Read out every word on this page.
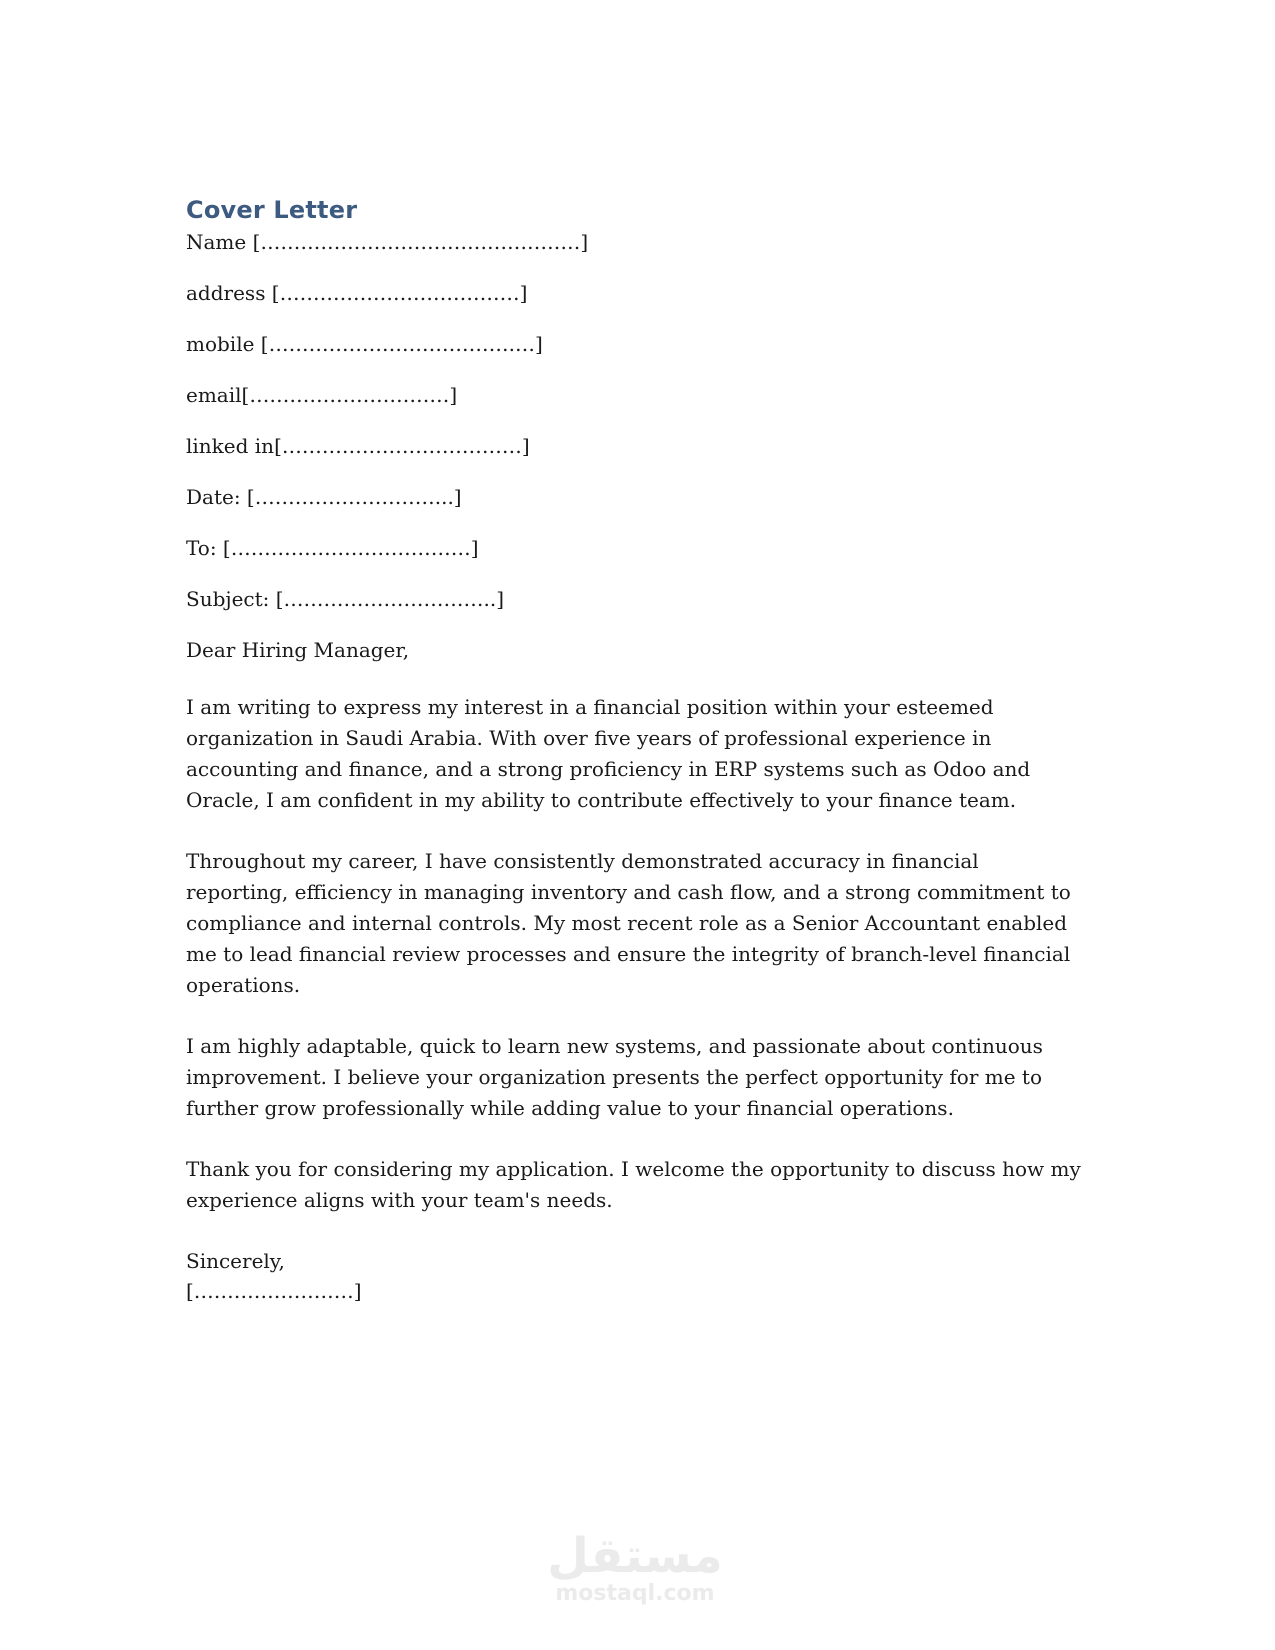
Cover Letter
Name […………………………………………]
address [………………………………]
mobile [……………………………….…]
email[…………………………]
linked in[………………………………]
Date: [………………………...]
To: [………………………………]
Subject: […………………………..]
Dear Hiring Manager,

I am writing to express my interest in a financial position within your esteemed organization in Saudi Arabia. With over five years of professional experience in accounting and finance, and a strong proficiency in ERP systems such as Odoo and Oracle, I am confident in my ability to contribute effectively to your finance team.

Throughout my career, I have consistently demonstrated accuracy in financial reporting, efficiency in managing inventory and cash flow, and a strong commitment to compliance and internal controls. My most recent role as a Senior Accountant enabled me to lead financial review processes and ensure the integrity of branch-level financial operations.

I am highly adaptable, quick to learn new systems, and passionate about continuous improvement. I believe your organization presents the perfect opportunity for me to further grow professionally while adding value to your financial operations.

Thank you for considering my application. I welcome the opportunity to discuss how my experience aligns with your team's needs.

Sincerely,
[……………………]
مستقل
mostaql.com
